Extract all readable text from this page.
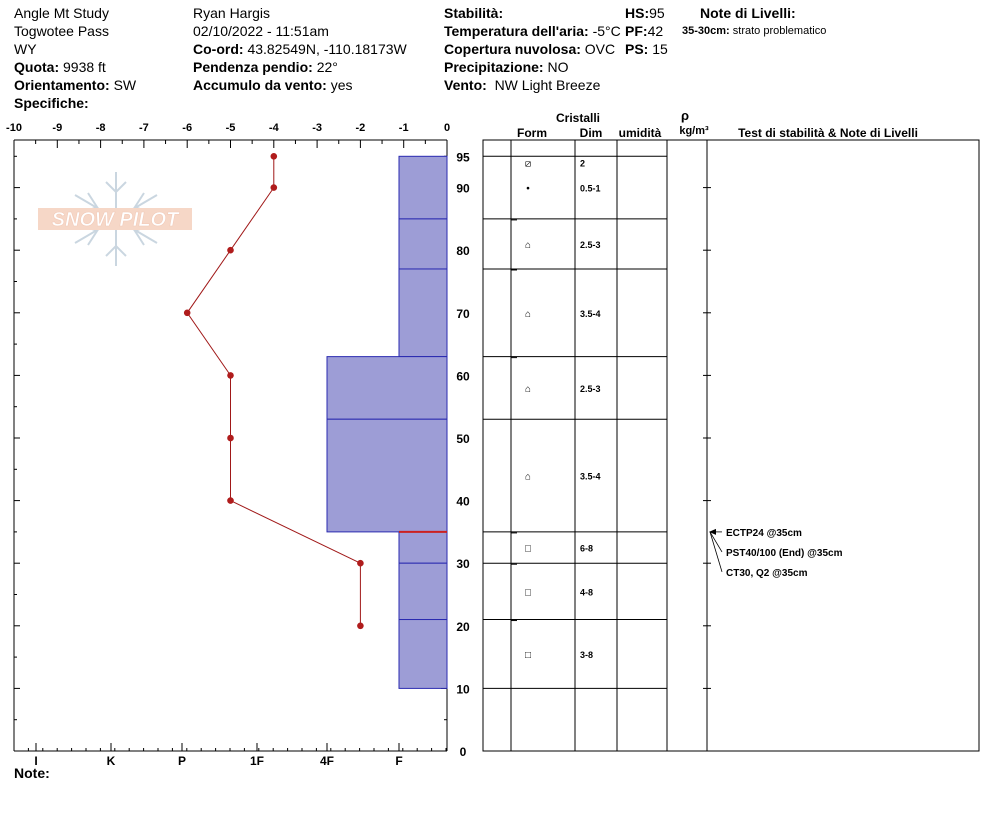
Angle Mt Study
Togwotee Pass
WY
Quota: 9938 ft
Orientamento: SW
Specifiche:
Ryan Hargis
02/10/2022 - 11:51am
Co-ord: 43.82549N, -110.18173W
Pendenza pendio: 22°
Accumulo da vento: yes
Stabilità:
Temperatura dell'aria: -5°C
Copertura nuvolosa: OVC
Precipitazione: NO
Vento: NW Light Breeze
HS:95
PF:42
PS: 15
Note di Livelli:
35-30cm: strato problematico
SNOW PILOT
-10	-9	-8	-7	-6	-5	-4	-3	-2	-1	0
95
90
80
70
60
50
40
30
20
10
0
I	K	P	1F	4F	F
Cristalli
Form	Dim umidità
ρ
kg/m³ Test di stabilità & Note di Livelli
⧄	2
•	0.5-1
⌂	2.5-3
⌂	3.5-4
⌂	2.5-3
⌂	3.5-4
□	6-8
□	4-8
□	3-8
ECTP24 @35cm
PST40/100 (End) @35cm
CT30, Q2 @35cm
Note:
